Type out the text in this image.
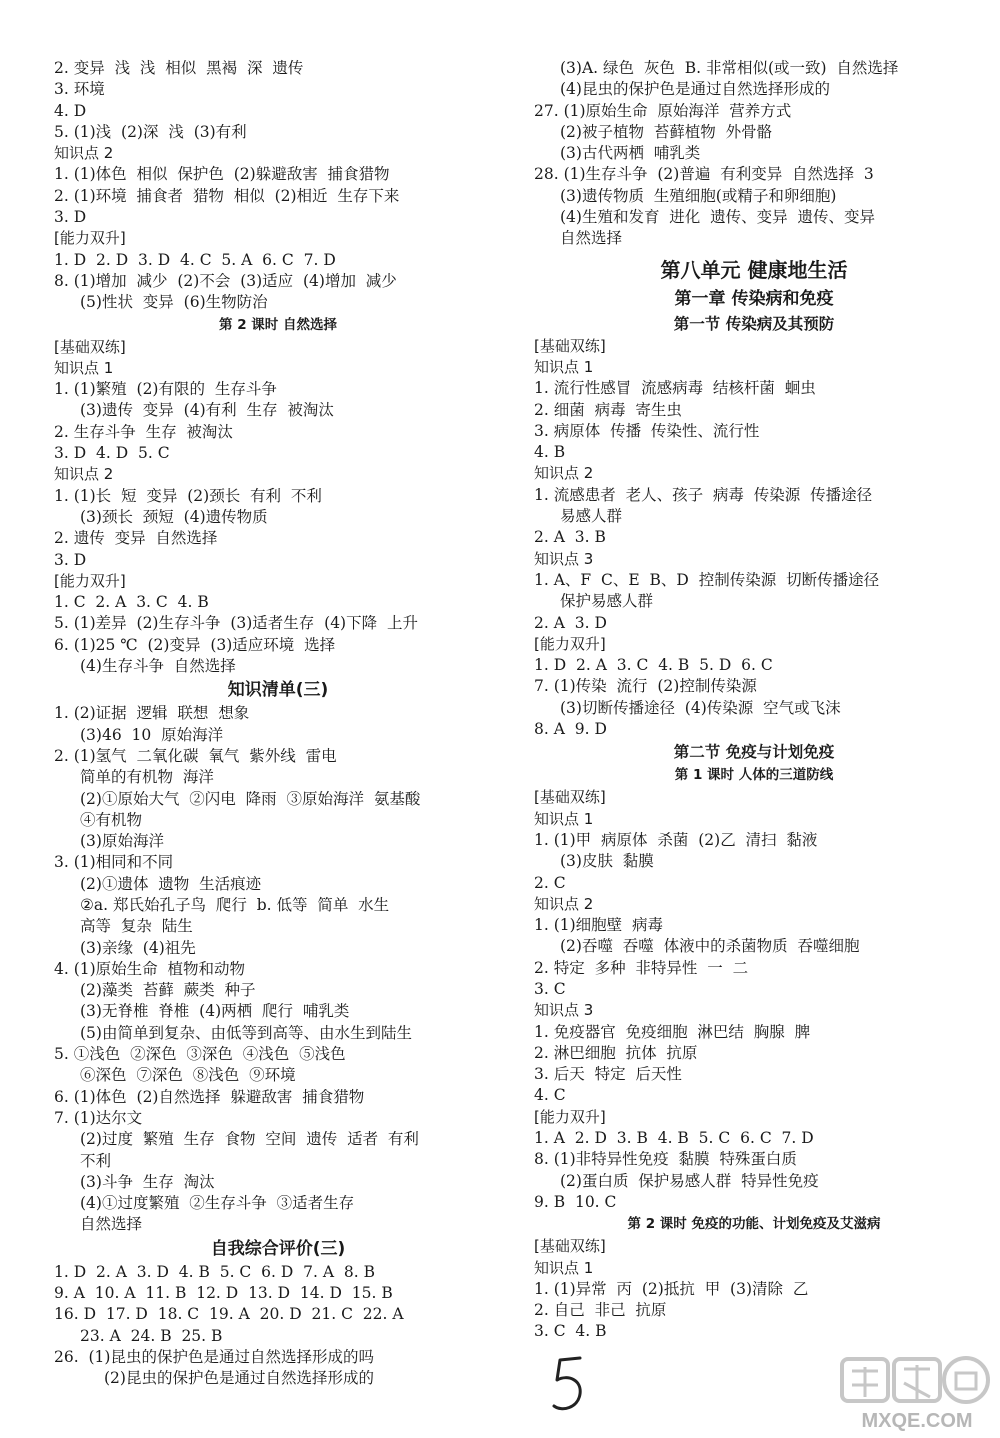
2. 变异  浅  浅  相似  黑褐  深  遗传
3. 环境
4. D
5. (1)浅  (2)深  浅  (3)有利
知识点 2
1. (1)体色  相似  保护色  (2)躲避敌害  捕食猎物
2. (1)环境  捕食者  猎物  相似  (2)相近  生存下来
3. D
[能力双升]
1. D  2. D  3. D  4. C  5. A  6. C  7. D
8. (1)增加  减少  (2)不会  (3)适应  (4)增加  减少
(5)性状  变异  (6)生物防治
第 2 课时 自然选择
[基础双练]
知识点 1
1. (1)繁殖  (2)有限的  生存斗争
(3)遗传  变异  (4)有利  生存  被淘汰
2. 生存斗争  生存  被淘汰
3. D  4. D  5. C
知识点 2
1. (1)长  短  变异  (2)颈长  有利  不利
(3)颈长  颈短  (4)遗传物质
2. 遗传  变异  自然选择
3. D
[能力双升]
1. C  2. A  3. C  4. B
5. (1)差异  (2)生存斗争  (3)适者生存  (4)下降  上升
6. (1)25 ℃  (2)变异  (3)适应环境  选择
(4)生存斗争  自然选择
知识清单(三)
1. (2)证据  逻辑  联想  想象
(3)46  10  原始海洋
2. (1)氢气  二氧化碳  氧气  紫外线  雷电
简单的有机物  海洋
(2)①原始大气  ②闪电  降雨  ③原始海洋  氨基酸
④有机物
(3)原始海洋
3. (1)相同和不同
(2)①遗体  遗物  生活痕迹
②a. 郑氏始孔子鸟  爬行  b. 低等  简单  水生
高等  复杂  陆生
(3)亲缘  (4)祖先
4. (1)原始生命  植物和动物
(2)藻类  苔藓  蕨类  种子
(3)无脊椎  脊椎  (4)两栖  爬行  哺乳类
(5)由简单到复杂、由低等到高等、由水生到陆生
5. ①浅色  ②深色  ③深色  ④浅色  ⑤浅色
⑥深色  ⑦深色  ⑧浅色  ⑨环境
6. (1)体色  (2)自然选择  躲避敌害  捕食猎物
7. (1)达尔文
(2)过度  繁殖  生存  食物  空间  遗传  适者  有利
不利
(3)斗争  生存  淘汰
(4)①过度繁殖  ②生存斗争  ③适者生存
自然选择
自我综合评价(三)
1. D  2. A  3. D  4. B  5. C  6. D  7. A  8. B
9. A  10. A  11. B  12. D  13. D  14. D  15. B
16. D  17. D  18. C  19. A  20. D  21. C  22. A
23. A  24. B  25. B
26.  (1)昆虫的保护色是通过自然选择形成的吗
(2)昆虫的保护色是通过自然选择形成的
(3)A. 绿色  灰色  B. 非常相似(或一致)  自然选择
(4)昆虫的保护色是通过自然选择形成的
27. (1)原始生命  原始海洋  营养方式
(2)被子植物  苔藓植物  外骨骼
(3)古代两栖  哺乳类
28. (1)生存斗争  (2)普遍  有利变异  自然选择  3
(3)遗传物质  生殖细胞(或精子和卵细胞)
(4)生殖和发育  进化  遗传、变异  遗传、变异
自然选择
第八单元 健康地生活
第一章 传染病和免疫
第一节 传染病及其预防
[基础双练]
知识点 1
1. 流行性感冒  流感病毒  结核杆菌  蛔虫
2. 细菌  病毒  寄生虫
3. 病原体  传播  传染性、流行性
4. B
知识点 2
1. 流感患者  老人、孩子  病毒  传染源  传播途径
易感人群
2. A  3. B
知识点 3
1. A、F  C、E  B、D  控制传染源  切断传播途径
保护易感人群
2. A  3. D
[能力双升]
1. D  2. A  3. C  4. B  5. D  6. C
7. (1)传染  流行  (2)控制传染源
(3)切断传播途径  (4)传染源  空气或飞沫
8. A  9. D
第二节 免疫与计划免疫
第 1 课时 人体的三道防线
[基础双练]
知识点 1
1. (1)甲  病原体  杀菌  (2)乙  清扫  黏液
(3)皮肤  黏膜
2. C
知识点 2
1. (1)细胞壁  病毒
(2)吞噬  吞噬  体液中的杀菌物质  吞噬细胞
2. 特定  多种  非特异性  一  二
3. C
知识点 3
1. 免疫器官  免疫细胞  淋巴结  胸腺  脾
2. 淋巴细胞  抗体  抗原
3. 后天  特定  后天性
4. C
[能力双升]
1. A  2. D  3. B  4. B  5. C  6. C  7. D
8. (1)非特异性免疫  黏膜  特殊蛋白质
(2)蛋白质  保护易感人群  特异性免疫
9. B  10. C
第 2 课时 免疫的功能、计划免疫及艾滋病
[基础双练]
知识点 1
1. (1)异常  丙  (2)抵抗  甲  (3)清除  乙
2. 自己  非己  抗原
3. C  4. B
MXQE.COM
